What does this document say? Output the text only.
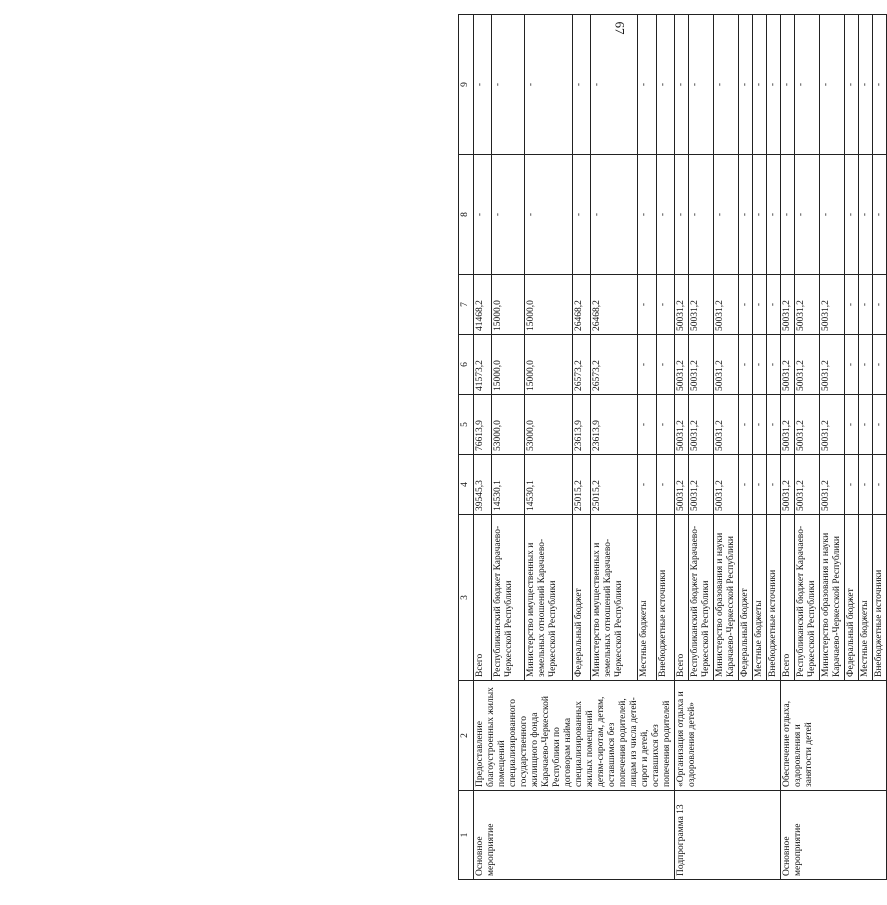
67
1	2	3	4	5	6	7	8	9
Основное мероприятие	Предоставление благоустроенных жилых помещений специализированного государственного жилищного фонда Карачаево-Черкесской Республики по договорам найма специализированных жилых помещений детям-сиротам, детям, оставшимся без попечения родителей, лицам из числа детей-сирот и детей, оставшихся без попечения родителей	Всего	39545,3	76613,9	41573,2	41468,2	-	-
		Республиканский бюджет Карачаево-Черкесской Республики	14530,1	53000,0	15000,0	15000,0	-	-
		Министерство имущественных и земельных отношений Карачаево-Черкесской Республики	14530,1	53000,0	15000,0	15000,0	-	-
		Федеральный бюджет	25015,2	23613,9	26573,2	26468,2	-	-
		Министерство имущественных и земельных отношений Карачаево-Черкесской Республики	25015,2	23613,9	26573,2	26468,2	-	-
		Местные бюджеты	-	-	-	-	-	-
		Внебюджетные источники	-	-	-	-	-	-
Подпрограмма 13	«Организация отдыха и оздоровления детей»	Всего	50031,2	50031,2	50031,2	50031,2	-	-
		Республиканский бюджет Карачаево-Черкесской Республики	50031,2	50031,2	50031,2	50031,2	-	-
		Министерство образования и науки Карачаево-Черкесской Республики	50031,2	50031,2	50031,2	50031,2	-	-
		Федеральный бюджет	-	-	-	-	-	-
		Местные бюджеты	-	-	-	-	-	-
		Внебюджетные источники	-	-	-	-	-	-
Основное мероприятие	Обеспечение отдыха, оздоровления и занятости детей	Всего	50031,2	50031,2	50031,2	50031,2	-	-
		Республиканский бюджет Карачаево-Черкесской Республики	50031,2	50031,2	50031,2	50031,2	-	-
		Министерство образования и науки Карачаево-Черкесской Республики	50031,2	50031,2	50031,2	50031,2	-	-
		Федеральный бюджет	-	-	-	-	-	-
		Местные бюджеты	-	-	-	-	-	-
		Внебюджетные источники	-	-	-	-	-	-
